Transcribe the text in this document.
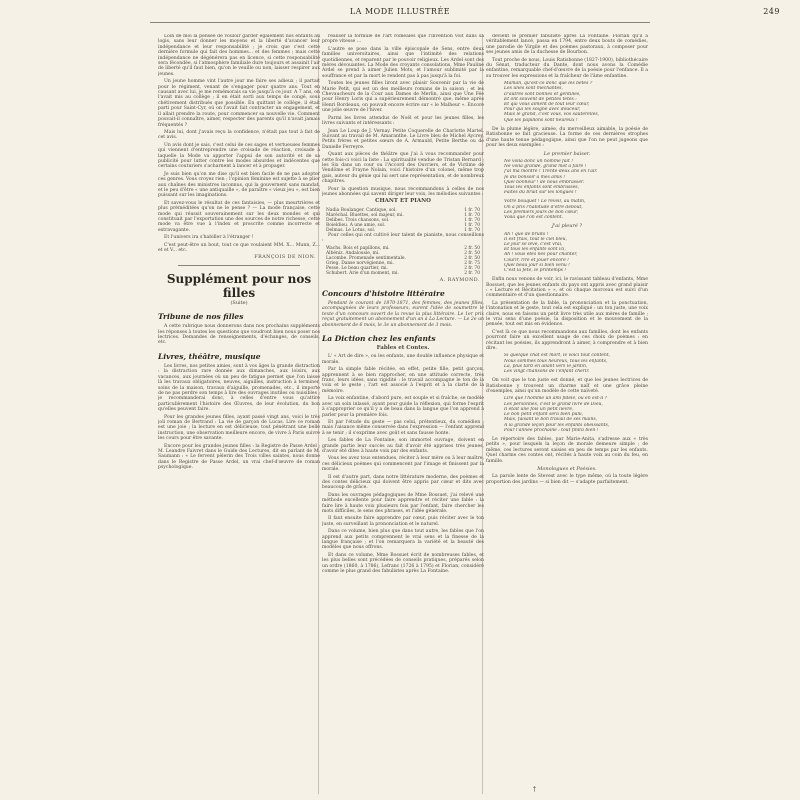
LA MODE ILLUSTRÉE	249

Loin de moi la pensée de vouloir garder également nos enfants au logis, sans leur donner les moyens et la liberté d'avancer leur indépendance et leur responsabilité ; je crois que c'est cette dernière formule qui fait des hommes... et des femmes ; mais cette indépendance ne dégénérera pas en licence, si cette responsabilité sera fécondée, si l'atmosphère familiale dure toujours et assainit l'air de liberté qu'il faut bien, qu'on le veuille ou non, laisser respirer aux jeunes.

Un jeune homme vint l'autre jour me faire ses adieux ; il partait pour le régiment, venant de s'engager pour quatre ans. Tout en causant avec lui, je me remémorais sa vie jusqu'à ce jour. A 7 ans, on l'avait mis au collège ; il en était sorti aux temps de congé, sous chétivement distribués que possible. En quittant le collège, il était parti pour Saint-Cyr, où on l'avait fait contracter un engagement, et il allait prendre la route, pour commencer sa nouvelle vie. Comment pouvait-il connaître, aimer, respecter des parents qu'il n'avait jamais fréquentés ?

Mais lui, dont j'avais reçu la confidence, n'était pas tout à fait de cet avis.

Un avis dont je sais, c'est celui de ces sages et vertueuses femmes qui viennent d'entreprendre une croisade de réaction, croisade à laquelle la Mode va apporter l'appui de son autorité et de sa publicité pour lutter contre les modes absurdes et indécentes que certains couturiers s'acharnent à lancer et à propager.

Je suis bien qu'on me dise qu'il est bien facile de ne pas adopter ces genres. Vous croyez rien ; l'opinion féminine est sujette à se plier aux chaînes des ministres inconnus, qui la gouvernent sans mandat, et le peu d'être « une antiquaille », de paraître « vieux jeu », est bien puissant sur les imaginations.

Et savez-vous le résultat de ces fantaisies, — plus meurtrières et plus préméditées qu'on ne le pense ? — La mode française, cette mode qui réussit souverainement sur les deux mondes et qui constituait par l'exportation une des sources de notre richesse, cette mode va être vue à l'index et proscrite comme incorrecte et extravagante.

Et l'univers ira s'habiller à l'étranger !

C'est peut-être un bout, tout ce que voulaient MM. X... Munn, Z... et et V... etc.

FRANÇOIS DE NION.
Supplément pour nos filles
(Suite)
Tribune de nos filles

A cette rubrique nous donnerons dans nos prochains suppléments les réponses à toutes les questions que voudront bien nous poser nos lectrices. Demandes de renseignements, d'échanges, de conseils, etc.

Livres, théâtre, musique

Les livres, nos petites amies, sont à vos âges la grande distraction : la distraction rare donnée aux dimanches, aux loisirs, aux vacances, aux journées où un peu de fatigue permet que l'on laisse là les travaux obligatoires, neuves, aiguilles, instruction à terminer, soins de la maison, travaux d'aiguille, promenades, etc., il importe de ne pas perdre son temps à lire des ouvrages inutiles ou nuisibles ; je recommanderai donc, à celles d'entre vous qu'attire particulièrement l'histoire des Œuvres, de leur évolution, du bon qu'elles peuvent faire.

Pour les grandes jeunes filles, ayant passé vingt ans, voici le très joli roman de Bertrand : La vie de garçon de Lucas. Lire ce roman est une joie ; la lecture en est délicieuse, tout pénétrant une belle instruction, une observation meilleure encore, de vivre à Paris suivre les cours pour être savante.

Encore pour les grandes jeunes filles : la Registre de Passe Ardel ; M. Leandre Faivret dans le Guide des Lectures, dit en parlant de M. Saumann : « Le fervent pèlerin des Trois villes saintes, nous donne dans le Registre de Passe Ardel, un vrai chef-d'œuvre de roman psychologique.

réaliser la formule de l'art roméales que l'invention voit dans sa propre vitesse ...

L'autre se pose dans la ville épiscopale de Sens, entre deux familles universitaires, ainsi que l'intimité des relations quotidiennes, et reparent par le pouvoir religieux. Les Ardel sont des mères dévouantes. La Mode des croyants consolations, Mme Pauline Ardel se prend à aimer Julien Mots, et l'amour sublimité par la souffrance et par la mort le rendent pas à pas jusqu'à la foi.

Toutes les jeunes filles liront avec plaisir Souvenir par la vie de Marie Petit, qui est un des meilleurs romans de la saison ; et les Chevaucheurs de la Cour aux Dames de Merlin, ainsi que Une Fée pour Henry Loris qui a supérieurement démontré que, même après Henri Bordeaux, on pouvait encore écrire sur « le Malheur ». Encore une jolie œuvre de l'hiver.

Parmi les livres attendus de Noël et pour les jeunes filles, les livres suivants et intéressants :

Jean Le Loup de J. Vernay. Petite Coquerelle de Charlotte Martel. Suivant au travail de M. Amaranthe. Le Livre bleu de Michel Aycrey, Petits frères et petites sœurs de A. Armauld, Petite Berthe ou de Danielle Ferreyre.

Quant aux pièces de théâtre que j'ai à vous recommander pour cette fois-ci voici la liste : La spiritualité vendue de Tristan Bernard ; les Six dans un cour ou l'Accord des Ouvriers, et de Victime de Vendôme et Frayne Nolain, voici l'histoire d'un colonel, même trop gais, auteur du génie qui lui sert une représentation, et de nombreux chapitres.

Pour la question musique, nous recommandons à celles de nos jeunes abonnées qui savent diriger leur voix, les mélodies suivantes :

CHANT ET PIANO
Nadia Boulanger. Cantique, sol.	1 fr. 70
Maréchal. Bluettes, sol majeur, mi.	1 fr. 70
Delibes. Trois chansons, sol.	1 fr. 70
Boieldieu. A une amie, sol.	1 fr. 70
Delmas. Le Lotus, sol.	1 fr. 70

Pour celles qui ont cultivé leur talent de pianiste, nous conseillons :

Wachs. Bois et papillons, mi.	2 fr. 50
Albéniz. Andalousie, mi.	2 fr. 50
Lacombe. Promenade sentimentale.	2 fr. 50
Grieg. Danse norvégienne, mi.	2 fr. 75
Pesse. Le beau quartier, mi.	2 fr. 70
Schubert. Arie d'un moment, mi.	2 fr. 70
A. RAYMOND.
Concours d'histoire littéraire

Pendant le courant de 1870-1871, des femmes, des jeunes filles, accompagnées de leurs professeurs, eurent l'idée de soumettre le texte d'un concours ouvert de la revue la plus littéraire. Le 1er prix reçut gratuitement un abonnement d'un an à La Lecture. — Le 2e un abonnement de 6 mois, le 3e un abonnement de 3 mois.

La Diction chez les enfants
Fables et Contes.

L' « Art de dire », ou les enfants, une double influence physique et morale.

Par la simple fable récitée, en effet, petite fille, petit garçon, apprennent à se bien rapprocher, en une attitude correcte, très franc, leurs idées, sans rigidité : le travail accompagne le ton de la voix et le geste ; l'art est associé à l'esprit et à la clarté de la mémoire.

La voix enfantine, d'abord pure, est souple et si fraîche, se modèle avec un soin inlassé, ayant pour guide la réflexion, qui forme l'esprit à s'approprier ce qu'il y a de beau dans la langue que l'on apprend à parler pour la première fois.

Et par l'étude du geste — pas celui, prétentieux, du comédien ; mais l'aisance même conservée dans l'expression — l'enfant apprend à se tenir ; il s'exprime avec goût et sans fausse honte.

Les fables de La Fontaine, son immortel ouvrage, doivent en grande partie leur succès au fait d'avoir été apprises très jeunes, d'avoir été dites à haute voix par des enfants.

Vous les avez tous entendues, réciter à leur mère ou à leur maître, ces délicieux poèmes qui commencent par l'image et finissent par la morale.

Il est d'autre part, dans notre littérature moderne, des poèmes et des contes délicieux qui doivent être appris par cœur et dits avec beaucoup de grâce.

Dans les ouvrages pédagogiques de Mme Bossuet, j'ai relevé une méthode excellente pour faire apprendre et réciter une fable : la faire lire à haute voix plusieurs fois par l'enfant, faire chercher les mots difficiles, le sens des phrases, et l'idée générale.

Il faut ensuite faire apprendre par cœur, puis réciter avec le ton juste, en surveillant la prononciation et le naturel.

Dans ce volume, bien plus que dans tout autre, les fables que l'on apprend aux petits comprennent le vrai sens et la finesse de la langue française ; et l'on remarquera la variété et la beauté des modèles que nous offrons.

Et dans ce volume, Mme Bossuet écrit de nombreuses fables, et les plus belles sont précédées de conseils pratiques, préparés selon un ordre (1860, à 1786), Lefranc (1726 à 1795) et Florian, considéré comme le plus grand des fabulistes après La Fontaine.

devient le premier fabuliste après La Fontaine. Florian qu'il a véritablement lancé, passa en 1794, entre deux bouts de comédies, une parodie de Virgile et des poèmes pastoraux, à composer pour ses jeunes amis de la duchesse de Bourbon.

Tout proche de nous, Louis Ratisbonne (1827-1900), bibliothécaire du Sénat, traducteur du Dante, dont nous avons la Comédie enfantine, remarquable chef-d'œuvre de la poésie pour l'enfance. Il a su trouver les expressions et la fraîcheur de l'âme enfantine.

Maman, qu'est-ce donc que les bêtes ?
Les unes sont méchantes,
D'autres sont bonnes et gentilles,
Et ont souvent de petites têtes :
Et qui vous aiment de tout leur cœur,
Pour qui les soigne avec douceur,
Mais le grand, c'est vous, vos sauterelles,
Que les papillons sont heureux !

De la plume légère, aimée, du merveilleux aimable, la poésie de Ratisbonne se fait gracieuse. La forme de ces dernières strophes d'une haute tenue pédagogique, ainsi que l'on ne peut jugeons que pour les deux exemples :

Le premier baiser.
Ne voilà donc un homme fait !
Ne voilà grande, grand mot à faire !
J'ai ma montre ! Trente-deux ans en l'air.
Je dis bonsoir à mes amis !
Quel bonheur ! de nous embrasser.
Tous les enfants sont embrassés,
Faites du bruit sur les longues !
Votre bouquet ! Le réveil, au matin,
On a pris l'habitude d'être debout,
Les premiers jours de bon cœur,
Voilà que l'on est content.
J'ai pleuré ?
Ah ! que de bruits !
Il est frais, tout le ciel bleu,
Le jour se lève, c'est vrai,
Et tous les enfants sont ici,
Ah ! vous êtes nés pour chanter,
Courir, rire et jouer encore !
Quel beau jour si bien venu !
C'est la fête, le printemps !

Enfin nous venons de voir, ici, le ravissant tableau d'enfants, Mme Bossuet, que les jeunes enfants du pays ont appris avec grand plaisir : « Lecture et Récitation » », et où chaque morceau est suivi d'un commentaire et d'un questionnaire.

La présentation de la fable, la prononciation et la ponctuation, l'intonation et le geste, tout cela est expliqué : un ton juste, une voix claire, nous en faisons un petit livre très utile aux mères de famille ; le vrai sens d'une poésie, la disposition et le mouvement de la pensée, tout est mis en évidence.

C'est là ce que nous recommandons aux familles, dont les enfants pourront faire un excellent usage de ces choix de poèmes : en récitant les poésies, ils apprendront à aimer, à comprendre et à bien dire.

Si quelque chat est mort, le voici tout content,
Nous sommes tous heureux, tous les enfants,
Là, plus tard en allant vers le jardin,
Les vingt chansons de l'enfant chérir.

On voit que le ton juste est donné, et que les jeunes lectrices de Ratisbonne y trouvent un charme naïf et une grâce pleine d'exemples, ainsi qu'un modèle de cette naïveté.

Lire que l'homme un ami fidèle, où en est-il ?
Les personnes, c'est le grand livre de Dieu,
Il était une fois un petit lièvre,
Le bon petit enfant sera bien puni,
Mais, faisant le bon travail de ses mains,
A la grande leçon pour les enfants obéissants,
Pour l'année prochaine : tout finira bien !

Le répertoire des fables, par Marie-Anita, s'adresse aux « très petits », pour lesquels la leçon de morale demeure simple ; de même, ces lectures seront saisies en peu de temps par les enfants. Quel charme ces contes ont, récités à haute voix au coin du feu, en famille.

Monologues et Poésies.

La parole lente de Stevest avec le type même, où la toute légère proportion des jardins — si bien dit — s'adapte parfaitement.

†
